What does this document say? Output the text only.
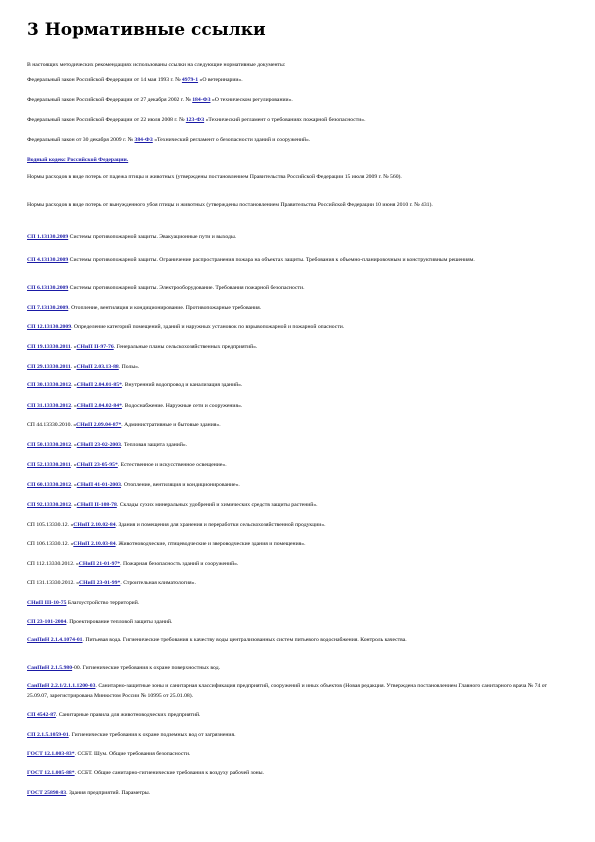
3 Нормативные ссылки

В настоящих методических рекомендациях использованы ссылки на следующие нормативные документы:

Федеральный закон Российской Федерации от 14 мая 1993 г. № 4979-1 «О ветеринарии».

Федеральный закон Российской Федерации от 27 декабря 2002 г. № 184-ФЗ «О техническом регулировании».

Федеральный закон Российской Федерации от 22 июля 2008 г. № 123-ФЗ «Технический регламент о требованиях пожарной безопасности».

Федеральный закон от 30 декабря 2009 г. № 384-ФЗ «Технический регламент о безопасности зданий и сооружений».

Водный кодекс Российской Федерации.

Нормы расходов в виде потерь от падежа птицы и животных (утверждены постановлением Правительства Российской Федерации 15 июля 2009 г. № 560).

Нормы расходов в виде потерь от вынужденного убоя птицы и животных (утверждены постановлением Правительства Российской Федерации 10 июня 2010 г. № 431).

СП 1.13130.2009 Системы противопожарной защиты. Эвакуационные пути и выходы.

СП 4.13130.2009 Системы противопожарной защиты. Ограничение распространения пожара на объектах защиты. Требования к объемно-планировочным и конструктивным решениям.

СП 6.13130.2009 Системы противопожарной защиты. Электрооборудование. Требования пожарной безопасности.

СП 7.13130.2009. Отопление, вентиляция и кондиционирование. Противопожарные требования.

СП 12.13130.2009. Определение категорий помещений, зданий и наружных установок по взрывопожарной и пожарной опасности.

СП 19.13330.2011. «СНиП II-97-76. Генеральные планы сельскохозяйственных предприятий».

СП 29.13330.2011. «СНиП 2.03.13-88. Полы».

СП 30.13330.2012. «СНиП 2.04.01-85*. Внутренний водопровод и канализация зданий».

СП 31.13330.2012. «СНиП 2.04.02-84*. Водоснабжение. Наружные сети и сооружения».

СП 44.13330.2010. «СНиП 2.09.04-87*. Административные и бытовые здания».

СП 50.13330.2012. «СНиП 23-02-2003. Тепловая защита зданий».

СП 52.13330.2011. «СНиП 23-05-95*. Естественное и искусственное освещение».

СП 60.13330.2012. «СНиП 41-01-2003. Отопление, вентиляция и кондиционирование».

СП 92.13330.2012. «СНиП II-108-78. Склады сухих минеральных удобрений и химических средств защиты растений».

СП 105.13330.12. «СНиП 2.10.02-84. Здания и помещения для хранения и переработки сельскохозяйственной продукции».

СП 106.13330.12. «СНиП 2.10.03-84. Животноводческие, птицеводческие и звероводческие здания и помещения».

СП 112.13330.2012. «СНиП 21-01-97*. Пожарная безопасность зданий и сооружений».

СП 131.13330.2012. «СНиП 23-01-99*. Строительная климатология».

СНиП III-10-75 Благоустройство территорий.

СП 23-101-2004. Проектирование тепловой защиты зданий.

СанПиН 2.1.4.1074-01. Питьевая вода. Гигиенические требования к качеству воды централизованных систем питьевого водоснабжения. Контроль качества.

СанПиН 2.1.5.980-00. Гигиенические требования к охране поверхностных вод.

СанПиН 2.2.1/2.1.1.1200-03. Санитарно-защитные зоны и санитарная классификация предприятий, сооружений и иных объектов (Новая редакция. Утверждена постановлением Главного санитарного врача № 74 от 25.09.07, зарегистрирована Минюстом России № 10995 от 25.01.08).

СП 4542-87. Санитарные правила для животноводческих предприятий.

СП 2.1.5.1059-01. Гигиенические требования к охране подземных вод от загрязнения.

ГОСТ 12.1.003-83*. ССБТ. Шум. Общие требования безопасности.

ГОСТ 12.1.005-88*. ССБТ. Общие санитарно-гигиенические требования к воздуху рабочей зоны.

ГОСТ 25898-83. Здания предприятий. Параметры.
